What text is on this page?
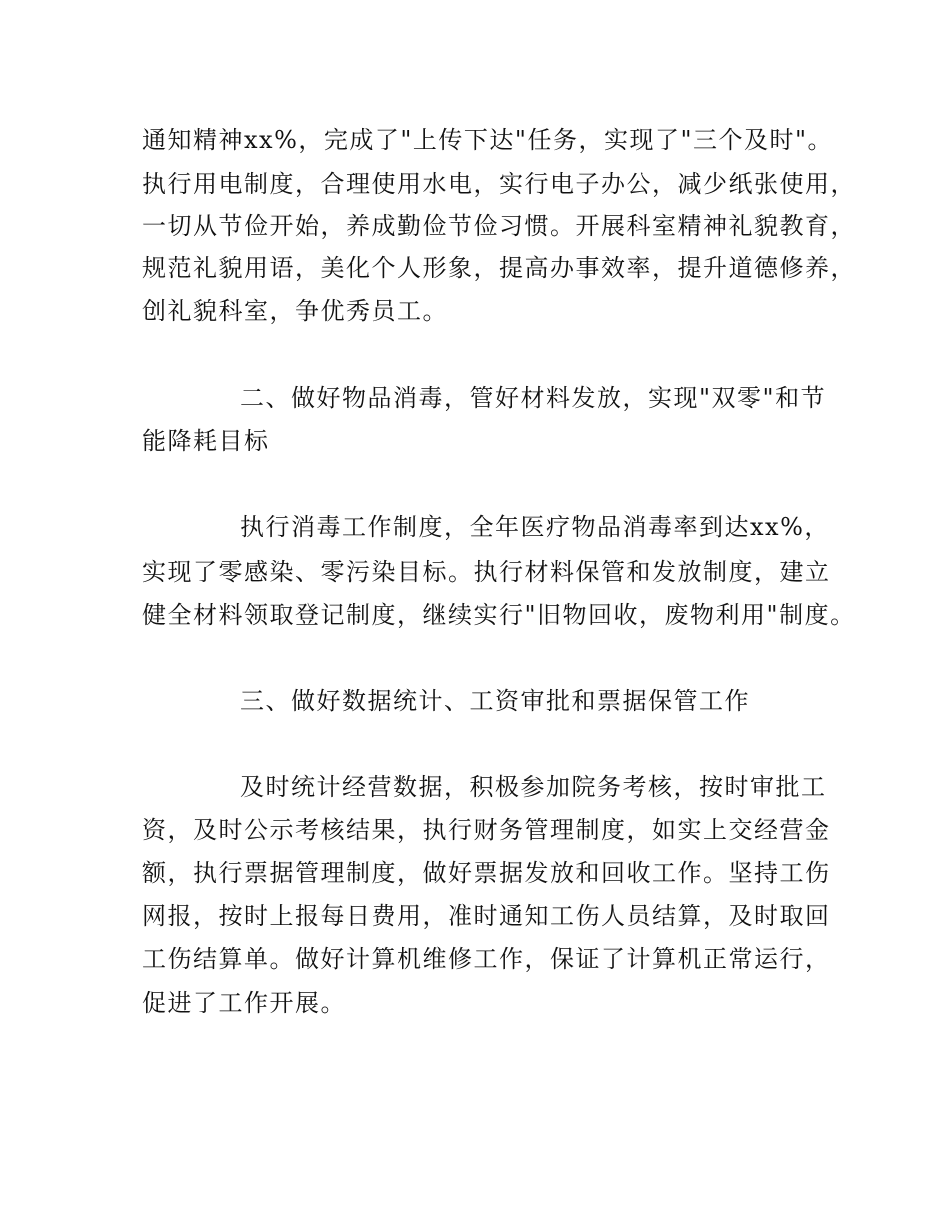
通知精神xx%，完成了"上传下达"任务，实现了"三个及时"。
执行用电制度，合理使用水电，实行电子办公，减少纸张使用，
一切从节俭开始，养成勤俭节俭习惯。开展科室精神礼貌教育，
规范礼貌用语，美化个人形象，提高办事效率，提升道德修养，
创礼貌科室，争优秀员工。
二、做好物品消毒，管好材料发放，实现"双零"和节
能降耗目标
执行消毒工作制度，全年医疗物品消毒率到达xx%，
实现了零感染、零污染目标。执行材料保管和发放制度，建立
健全材料领取登记制度，继续实行"旧物回收，废物利用"制度。
三、做好数据统计、工资审批和票据保管工作
及时统计经营数据，积极参加院务考核，按时审批工
资，及时公示考核结果，执行财务管理制度，如实上交经营金
额，执行票据管理制度，做好票据发放和回收工作。坚持工伤
网报，按时上报每日费用，准时通知工伤人员结算，及时取回
工伤结算单。做好计算机维修工作，保证了计算机正常运行，
促进了工作开展。
